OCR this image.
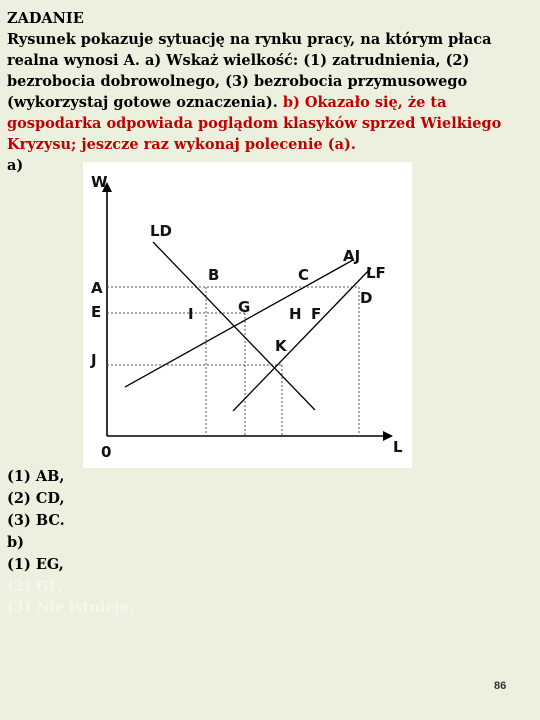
ZADANIE
Rysunek pokazuje sytuację na rynku pracy, na którym płaca realna wynosi A. a) Wskaż wielkość: (1) zatrudnienia, (2) bezrobocia dobrowolnego, (3) bezrobocia przymusowego (wykorzystaj gotowe oznaczenia). b) Okazało się, że ta gospodarka odpowiada poglądom klasyków sprzed Wielkiego Kryzysu; jeszcze raz wykonaj polecenie (a).
a)
W
L
0
LD
AJ
LF
A
E
J
B	C
D
I	G	H F
K
(1) AB,
(2) CD,
(3) BC.
b)
(1) EG,
(2) GF,
(3) Nie istnieje.
86
